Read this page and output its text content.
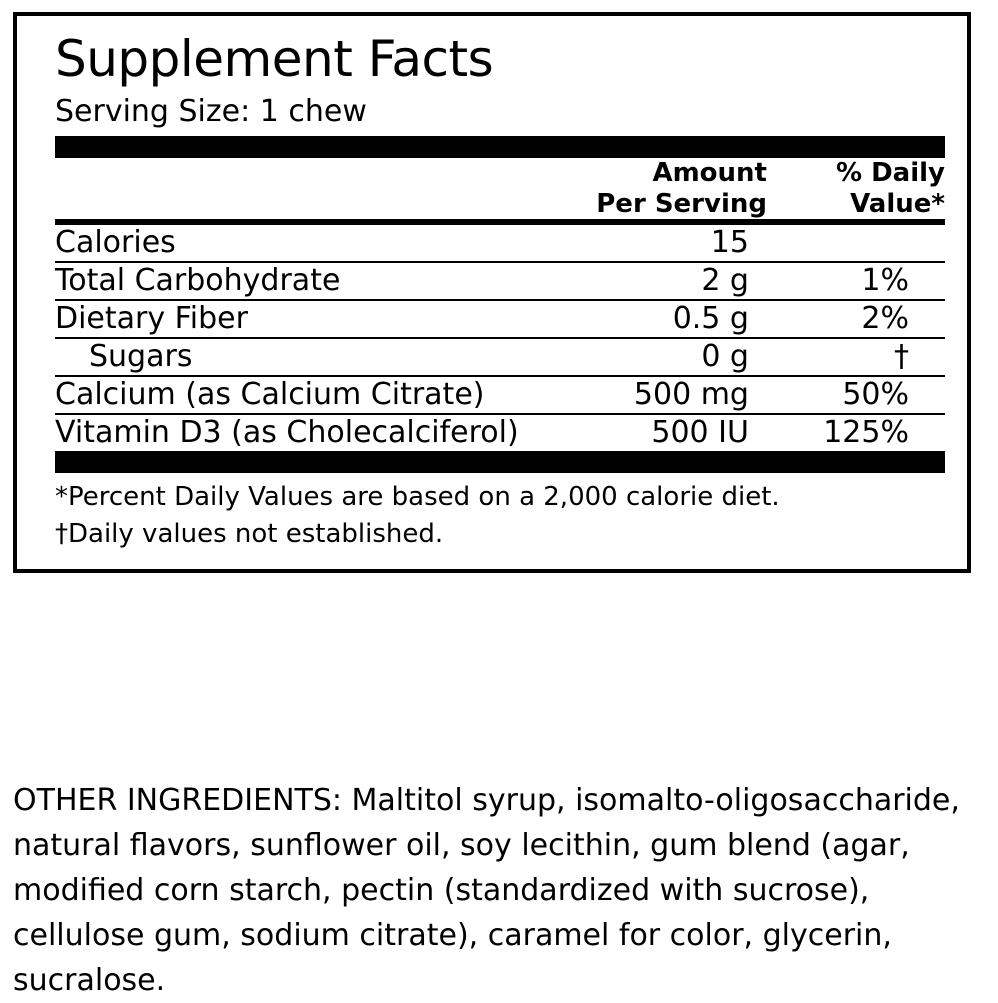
Supplement Facts
Serving Size: 1 chew

Amount
Per Serving

% Daily
Value*
Calories	15	

Total Carbohydrate	2 g	1%

Dietary Fiber	0.5 g	2%

Sugars	0 g	†

Calcium (as Calcium Citrate)	500 mg	50%

Vitamin D3 (as Cholecalciferol)	500 IU	125%
*Percent Daily Values are based on a 2,000 calorie diet.
†Daily values not established.
OTHER INGREDIENTS: Maltitol syrup, isomalto-oligosaccharide, natural flavors, sunflower oil, soy lecithin, gum blend (agar, modified corn starch, pectin (standardized with sucrose), cellulose gum, sodium citrate), caramel for color, glycerin, sucralose.
